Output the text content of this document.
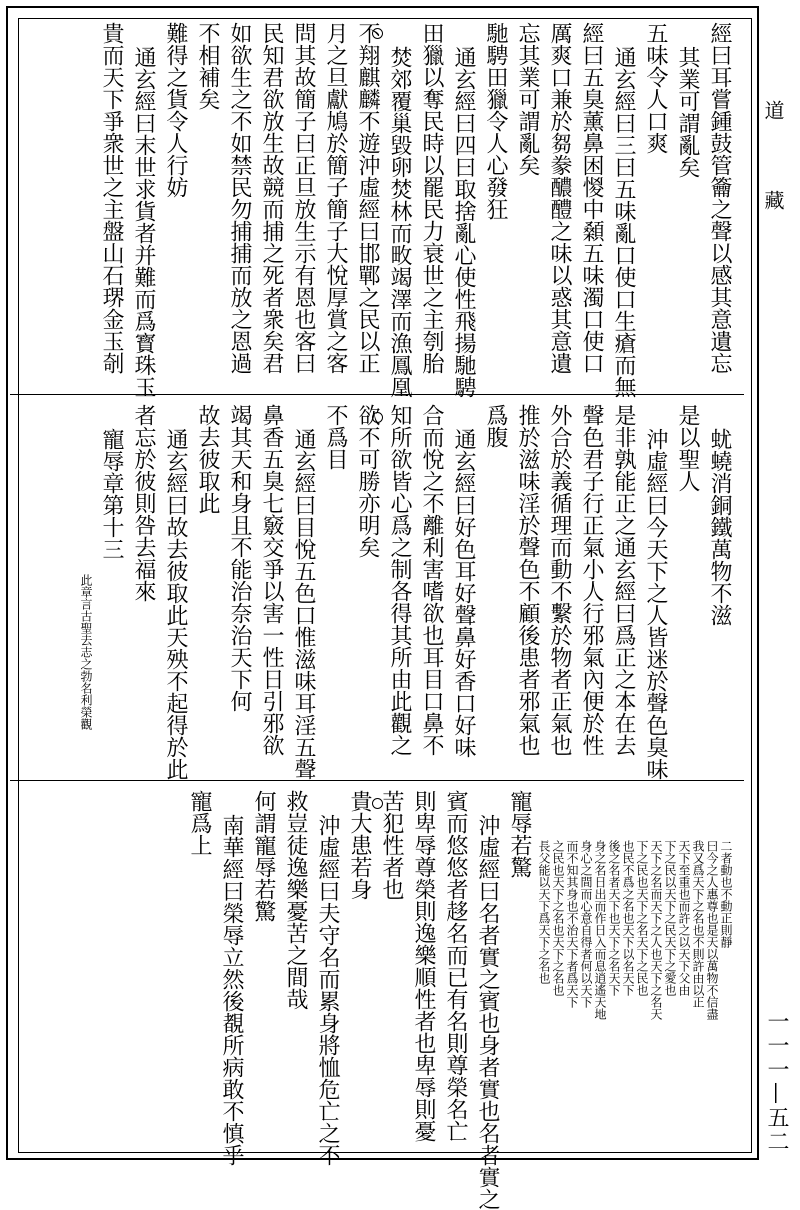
經曰耳嘗鍾鼓管籥之聲以感其意遺忘
其業可謂亂矣
五味令人口爽
通玄經曰三曰五味亂口使口生瘡而無
經曰五臭薰鼻困惾中顙五味濁口使口
厲爽口兼於芻豢醲醴之味以惑其意遺
忘其業可謂亂矣
馳騁田獵令人心發狂
通玄經曰四曰取捨亂心使性飛揚馳騁
田獵以奪民時以罷民力衰世之主刳胎
焚郊覆巢毀卵焚林而畋竭澤而漁鳳凰
不翔麒麟不遊沖虛經曰邯鄲之民以正
月之旦獻鳩於簡子簡子大悅厚賞之客
問其故簡子曰正旦放生示有恩也客曰
民知君欲放生故競而捕之死者衆矣君
如欲生之不如禁民勿捕捕而放之恩過
不相補矣
難得之貨令人行妨
通玄經曰末世求貨者并難而爲寳珠玉
貴而天下爭衆世之主盤山石琾金玉剞
蚘蟯消銅鐵萬物不滋
是以聖人
沖虛經曰今天下之人皆迷於聲色臭味
是非孰能正之通玄經曰爲正之本在去
聲色君子行正氣小人行邪氣內便於性
外合於義循理而動不繫於物者正氣也
推於滋味淫於聲色不顧後患者邪氣也
爲腹
通玄經曰好色耳好聲鼻好香口好味
合而悅之不離利害嗜欲也耳目口鼻不
知所欲皆心爲之制各得其所由此觀之
欲不可勝亦明矣
不爲目
通玄經曰目悅五色口惟滋味耳淫五聲
鼻香五臭七竅交爭以害一性日引邪欲
竭其天和身且不能治奈治天下何
故去彼取此
通玄經曰故去彼取此天殃不起得於此
者忘於彼則咎去福來
寵辱章第十三
此章言古聖去志之勃名利榮觀
二者動也不動正則靜
曰今之人惠尊也是天以萬物不信盡
我又爲天下之名也不則許由以正
天下至重也而許之以天下父由
下之民以天下之民天下之愛也
天下之名而天下之人也天下之名天
下之民也天下之名天下之民也
也民不爲之名也天下以名天下
後之名者天下也天下之名天下
身之名日出而作日入而息逍遙天地
身心之間而心意自得者何以天下
而不知其身也不治天下者爲天下
之民也天下之名也天下之名也
長父能以天下爲天下之名也
寵辱若驚
沖虛經曰名者實之賓也身者實也名者實之
賓而悠悠者趍名而已有名則尊榮名亡
則卑辱尊榮則逸樂順性者也卑辱則憂
苦犯性者也
貴大患若身
沖虛經曰夫守名而累身將恤危亡之不
救豈徒逸樂憂苦之間哉
何謂寵辱若驚
南華經曰榮辱立然後覩所病敢不慎乎
寵爲上
道
藏
一一一—五二
